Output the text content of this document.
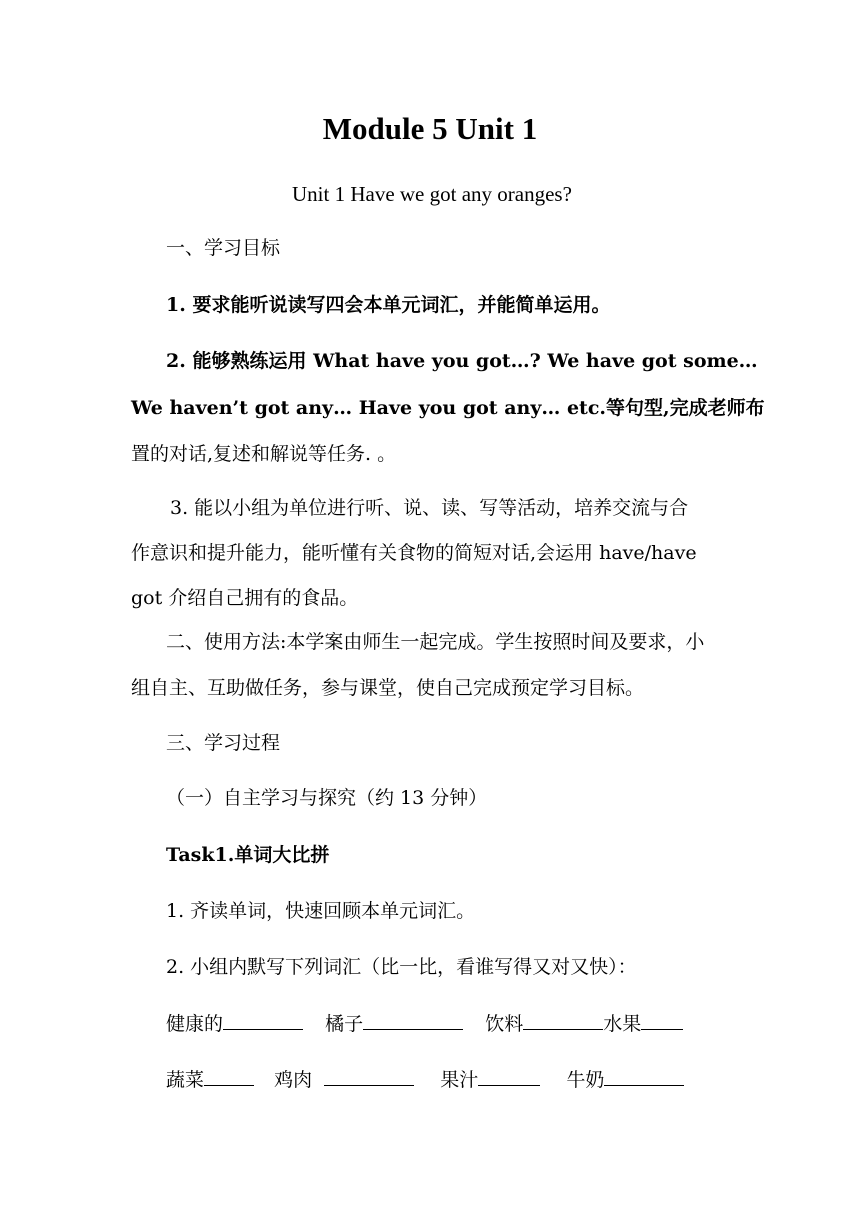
Module 5 Unit 1
Unit 1 Have we got any oranges?
一、学习目标
1. 要求能听说读写四会本单元词汇，并能简单运用。
2. 能够熟练运用 What have you got…? We have got some…
We haven’t got any… Have you got any… etc.等句型,完成老师布
置的对话,复述和解说等任务. 。
3. 能以小组为单位进行听、说、读、写等活动，培养交流与合
作意识和提升能力，能听懂有关食物的简短对话,会运用 have/have
got 介绍自己拥有的食品。
二、使用方法:本学案由师生一起完成。学生按照时间及要求，小
组自主、互助做任务，参与课堂，使自己完成预定学习目标。
三、学习过程
（一）自主学习与探究（约 13 分钟）
Task1.单词大比拼
1. 齐读单词，快速回顾本单元词汇。
2. 小组内默写下列词汇（比一比，看谁写得又对又快）：
健康的	橘子	饮料	水果
蔬菜	鸡肉	果汁	牛奶
